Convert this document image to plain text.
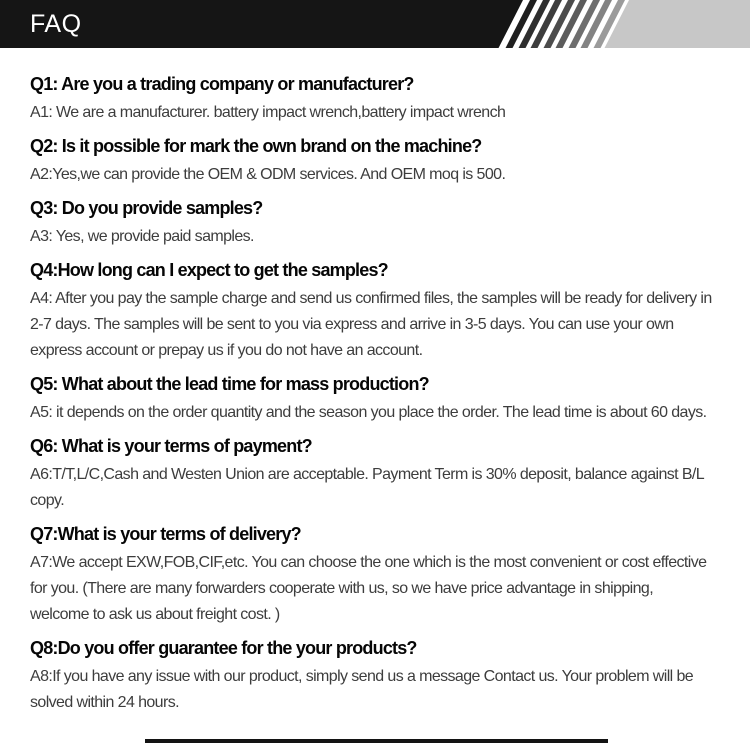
FAQ
Q1: Are you a trading company or manufacturer?
A1: We are a manufacturer. battery impact wrench,battery impact wrench
Q2: Is it possible for mark the own brand on the machine?
A2:Yes,we can provide the OEM & ODM services. And OEM moq is 500.
Q3: Do you provide samples?
A3: Yes, we provide paid samples.
Q4:How long can I expect to get the samples?
A4: After you pay the sample charge and send us confirmed files, the samples will be ready for delivery in 2-7 days. The samples will be sent to you via express and arrive in 3-5 days. You can use your own express account or prepay us if you do not have an account.
Q5: What about the lead time for mass production?
A5: it depends on the order quantity and the season you place the order. The lead time is about 60 days.
Q6: What is your terms of payment?
A6:T/T,L/C,Cash and Westen Union are acceptable. Payment Term is 30% deposit, balance against B/L copy.
Q7:What is your terms of delivery?
A7:We accept EXW,FOB,CIF,etc. You can choose the one which is the most convenient or cost effective for you. (There are many forwarders cooperate with us, so we have price advantage in shipping, welcome to ask us about freight cost. )
Q8:Do you offer guarantee for the your products?
A8:If you have any issue with our product, simply send us a message Contact us. Your problem will be solved within 24 hours.
